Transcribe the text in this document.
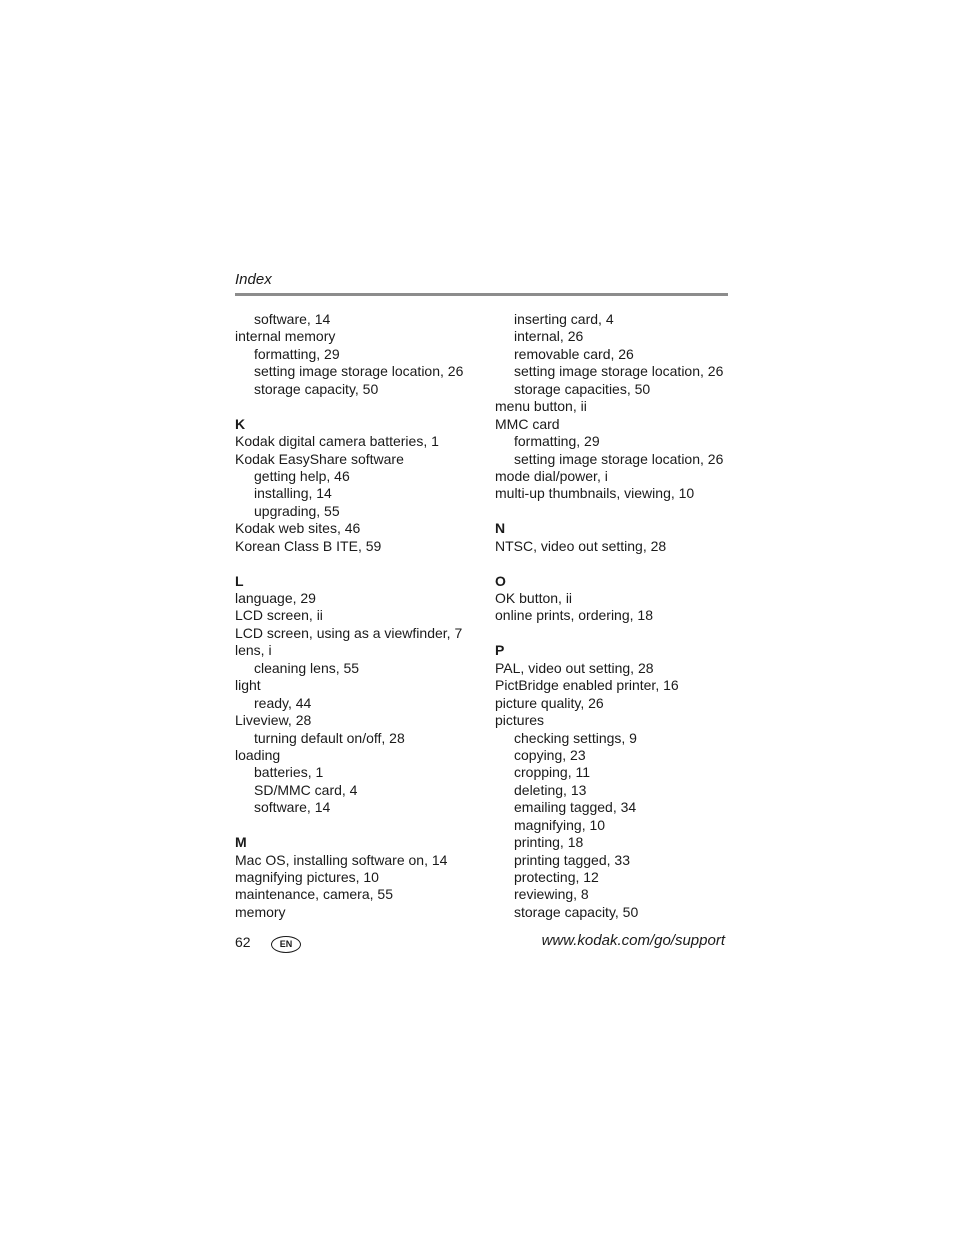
Index
software, 14
internal memory
formatting, 29
setting image storage location, 26
storage capacity, 50
K
Kodak digital camera batteries, 1
Kodak EasyShare software
getting help, 46
installing, 14
upgrading, 55
Kodak web sites, 46
Korean Class B ITE, 59
L
language, 29
LCD screen, ii
LCD screen, using as a viewfinder, 7
lens, i
cleaning lens, 55
light
ready, 44
Liveview, 28
turning default on/off, 28
loading
batteries, 1
SD/MMC card, 4
software, 14
M
Mac OS, installing software on, 14
magnifying pictures, 10
maintenance, camera, 55
memory
inserting card, 4
internal, 26
removable card, 26
setting image storage location, 26
storage capacities, 50
menu button, ii
MMC card
formatting, 29
setting image storage location, 26
mode dial/power, i
multi-up thumbnails, viewing, 10
N
NTSC, video out setting, 28
O
OK button, ii
online prints, ordering, 18
P
PAL, video out setting, 28
PictBridge enabled printer, 16
picture quality, 26
pictures
checking settings, 9
copying, 23
cropping, 11
deleting, 13
emailing tagged, 34
magnifying, 10
printing, 18
printing tagged, 33
protecting, 12
reviewing, 8
storage capacity, 50
62	EN	www.kodak.com/go/support
